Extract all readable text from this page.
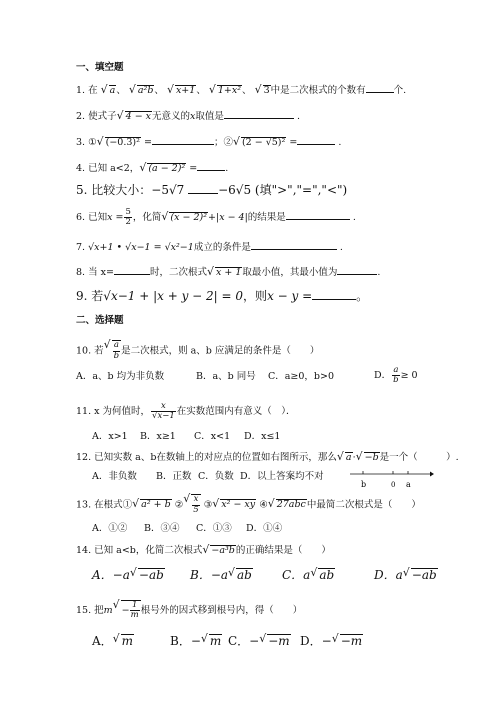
一、填空题
1. 在 √ a、 √ a²b、 √ x+1、 √ 1+x²、 √ 3中是二次根式的个数有	个.
2. 使式子√ 4 − x无意义的x取值是	.
3. ①√ (−0.3)² =	；②√ (2 − √5)² =	.
4. 已知 a<2，√ (a − 2)² =	.
5. 比较大小：−5√7	−6√5 (填">","=","<")
6. 已知$x = \frac{5}{2}$ ，化简√ (x − 2)²+|x − 4|的结果是	.
7. √x+1 • √x−1 = √x²−1成立的条件是	.
8. 当 x=	时，二次根式√ x + 1取最小值，其最小值为	.
9. 若√x−1 + |x + y − 2| = 0，则x − y =	。
二、选择题
10. 若
√ $\frac{a}{b}$ 是二次根式，则 a、b 应满足的条件是（　　）
A．a、b 均为非负数	B．a、b 同号 C．a≥0，b>0	D． $\frac{a}{b} \ge 0$
11. x 为何值时， $\frac{x}{√x-1}$ 在实数范围内有意义（　）．
A．x>1 B．x≥1 C．x<1 D．x≤1
12. 已知实数 a、b在数轴上的对应点的位置如右图所示，那么√ a·√ −b是一个（　　　）.
A．非负数 B．正数 C．负数 D．以上答案均不对
b	0 a
13. 在根式①√ a² + b ②
√ $\frac{x}{5}$ ③√ x² − xy ④√ 27abc中最简二次根式是（　　）
A．①② B．③④ C．①③ D．①④
14. 已知 a<b，化简二次根式√ −a³b的正确结果是（　　）
A．−a√ −ab B．−a√ ab	C．a√ ab	D．a√ −ab
15. 把$m√ - \frac{1}{m}$ 根号外的因式移到根号内，得（　　）
A．√ m	B．−√ m C．−√ −m D．−√ −m
